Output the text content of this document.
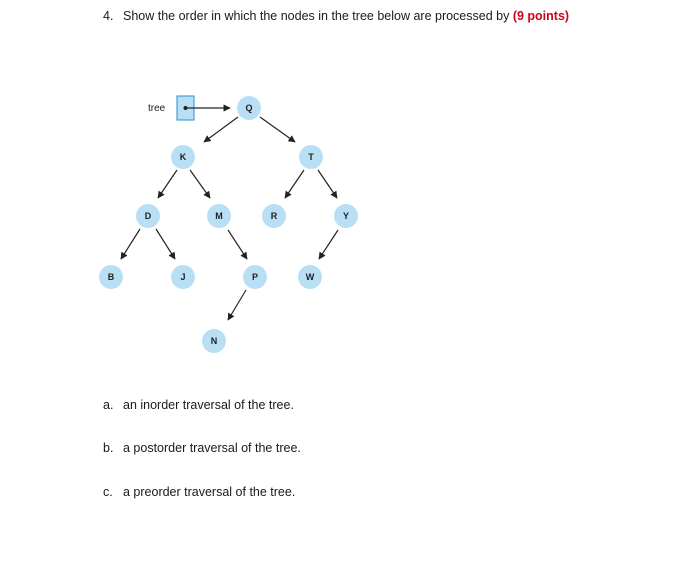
4. Show the order in which the nodes in the tree below are processed by (9 points)
tree	Q
K	T
D	M	R	Y
B	J	P	W
N
a. an inorder traversal of the tree.
b. a postorder traversal of the tree.
c. a preorder traversal of the tree.
